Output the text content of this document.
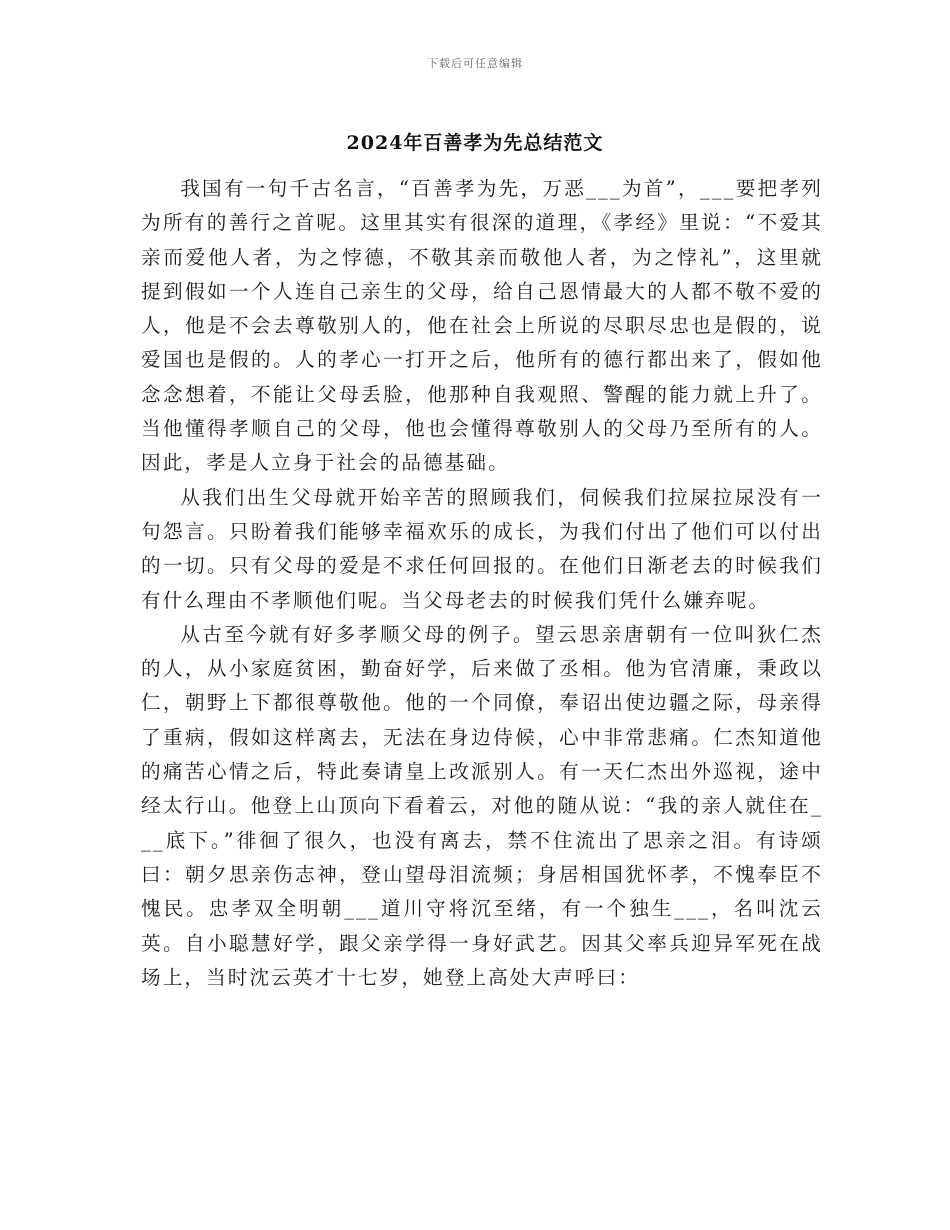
下载后可任意编辑
2024年百善孝为先总结范文

我国有一句千古名言，“百善孝为先，万恶___为首”，___要把孝列为所有的善行之首呢。这里其实有很深的道理，《孝经》里说：“不爱其亲而爱他人者，为之悖德，不敬其亲而敬他人者，为之悖礼”，这里就提到假如一个人连自己亲生的父母，给自己恩情最大的人都不敬不爱的人，他是不会去尊敬别人的，他在社会上所说的尽职尽忠也是假的，说爱国也是假的。人的孝心一打开之后，他所有的德行都出来了，假如他念念想着，不能让父母丢脸，他那种自我观照、警醒的能力就上升了。当他懂得孝顺自己的父母，他也会懂得尊敬别人的父母乃至所有的人。因此，孝是人立身于社会的品德基础。

从我们出生父母就开始辛苦的照顾我们，伺候我们拉屎拉尿没有一句怨言。只盼着我们能够幸福欢乐的成长，为我们付出了他们可以付出的一切。只有父母的爱是不求任何回报的。在他们日渐老去的时候我们有什么理由不孝顺他们呢。当父母老去的时候我们凭什么嫌弃呢。

从古至今就有好多孝顺父母的例子。望云思亲唐朝有一位叫狄仁杰的人，从小家庭贫困，勤奋好学，后来做了丞相。他为官清廉，秉政以仁，朝野上下都很尊敬他。他的一个同僚，奉诏出使边疆之际，母亲得了重病，假如这样离去，无法在身边侍候，心中非常悲痛。仁杰知道他的痛苦心情之后，特此奏请皇上改派别人。有一天仁杰出外巡视，途中经太行山。他登上山顶向下看着云，对他的随从说：“我的亲人就住在___底下。”徘徊了很久，也没有离去，禁不住流出了思亲之泪。有诗颂曰：朝夕思亲伤志神，登山望母泪流频；身居相国犹怀孝，不愧奉臣不愧民。忠孝双全明朝___道川守将沉至绪，有一个独生___，名叫沈云英。自小聪慧好学，跟父亲学得一身好武艺。因其父率兵迎异军死在战场上，当时沈云英才十七岁，她登上高处大声呼曰：
